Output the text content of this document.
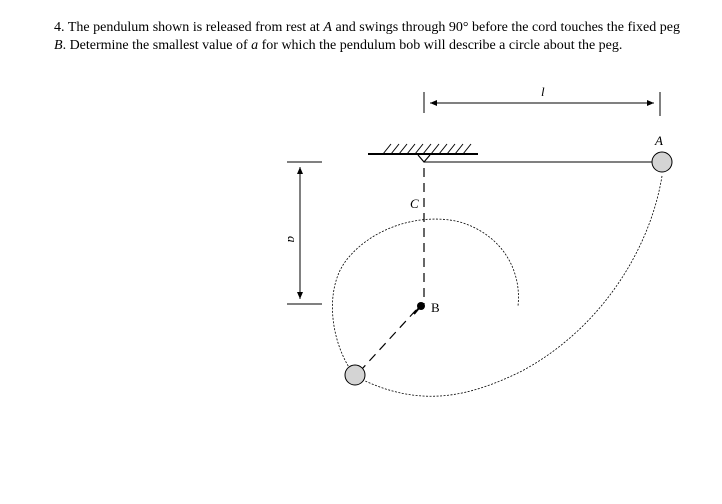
4. The pendulum shown is released from rest at A and swings through 90° before the cord touches the fixed peg B. Determine the smallest value of a for which the pendulum bob will describe a circle about the peg.
l
a
A
C
B
